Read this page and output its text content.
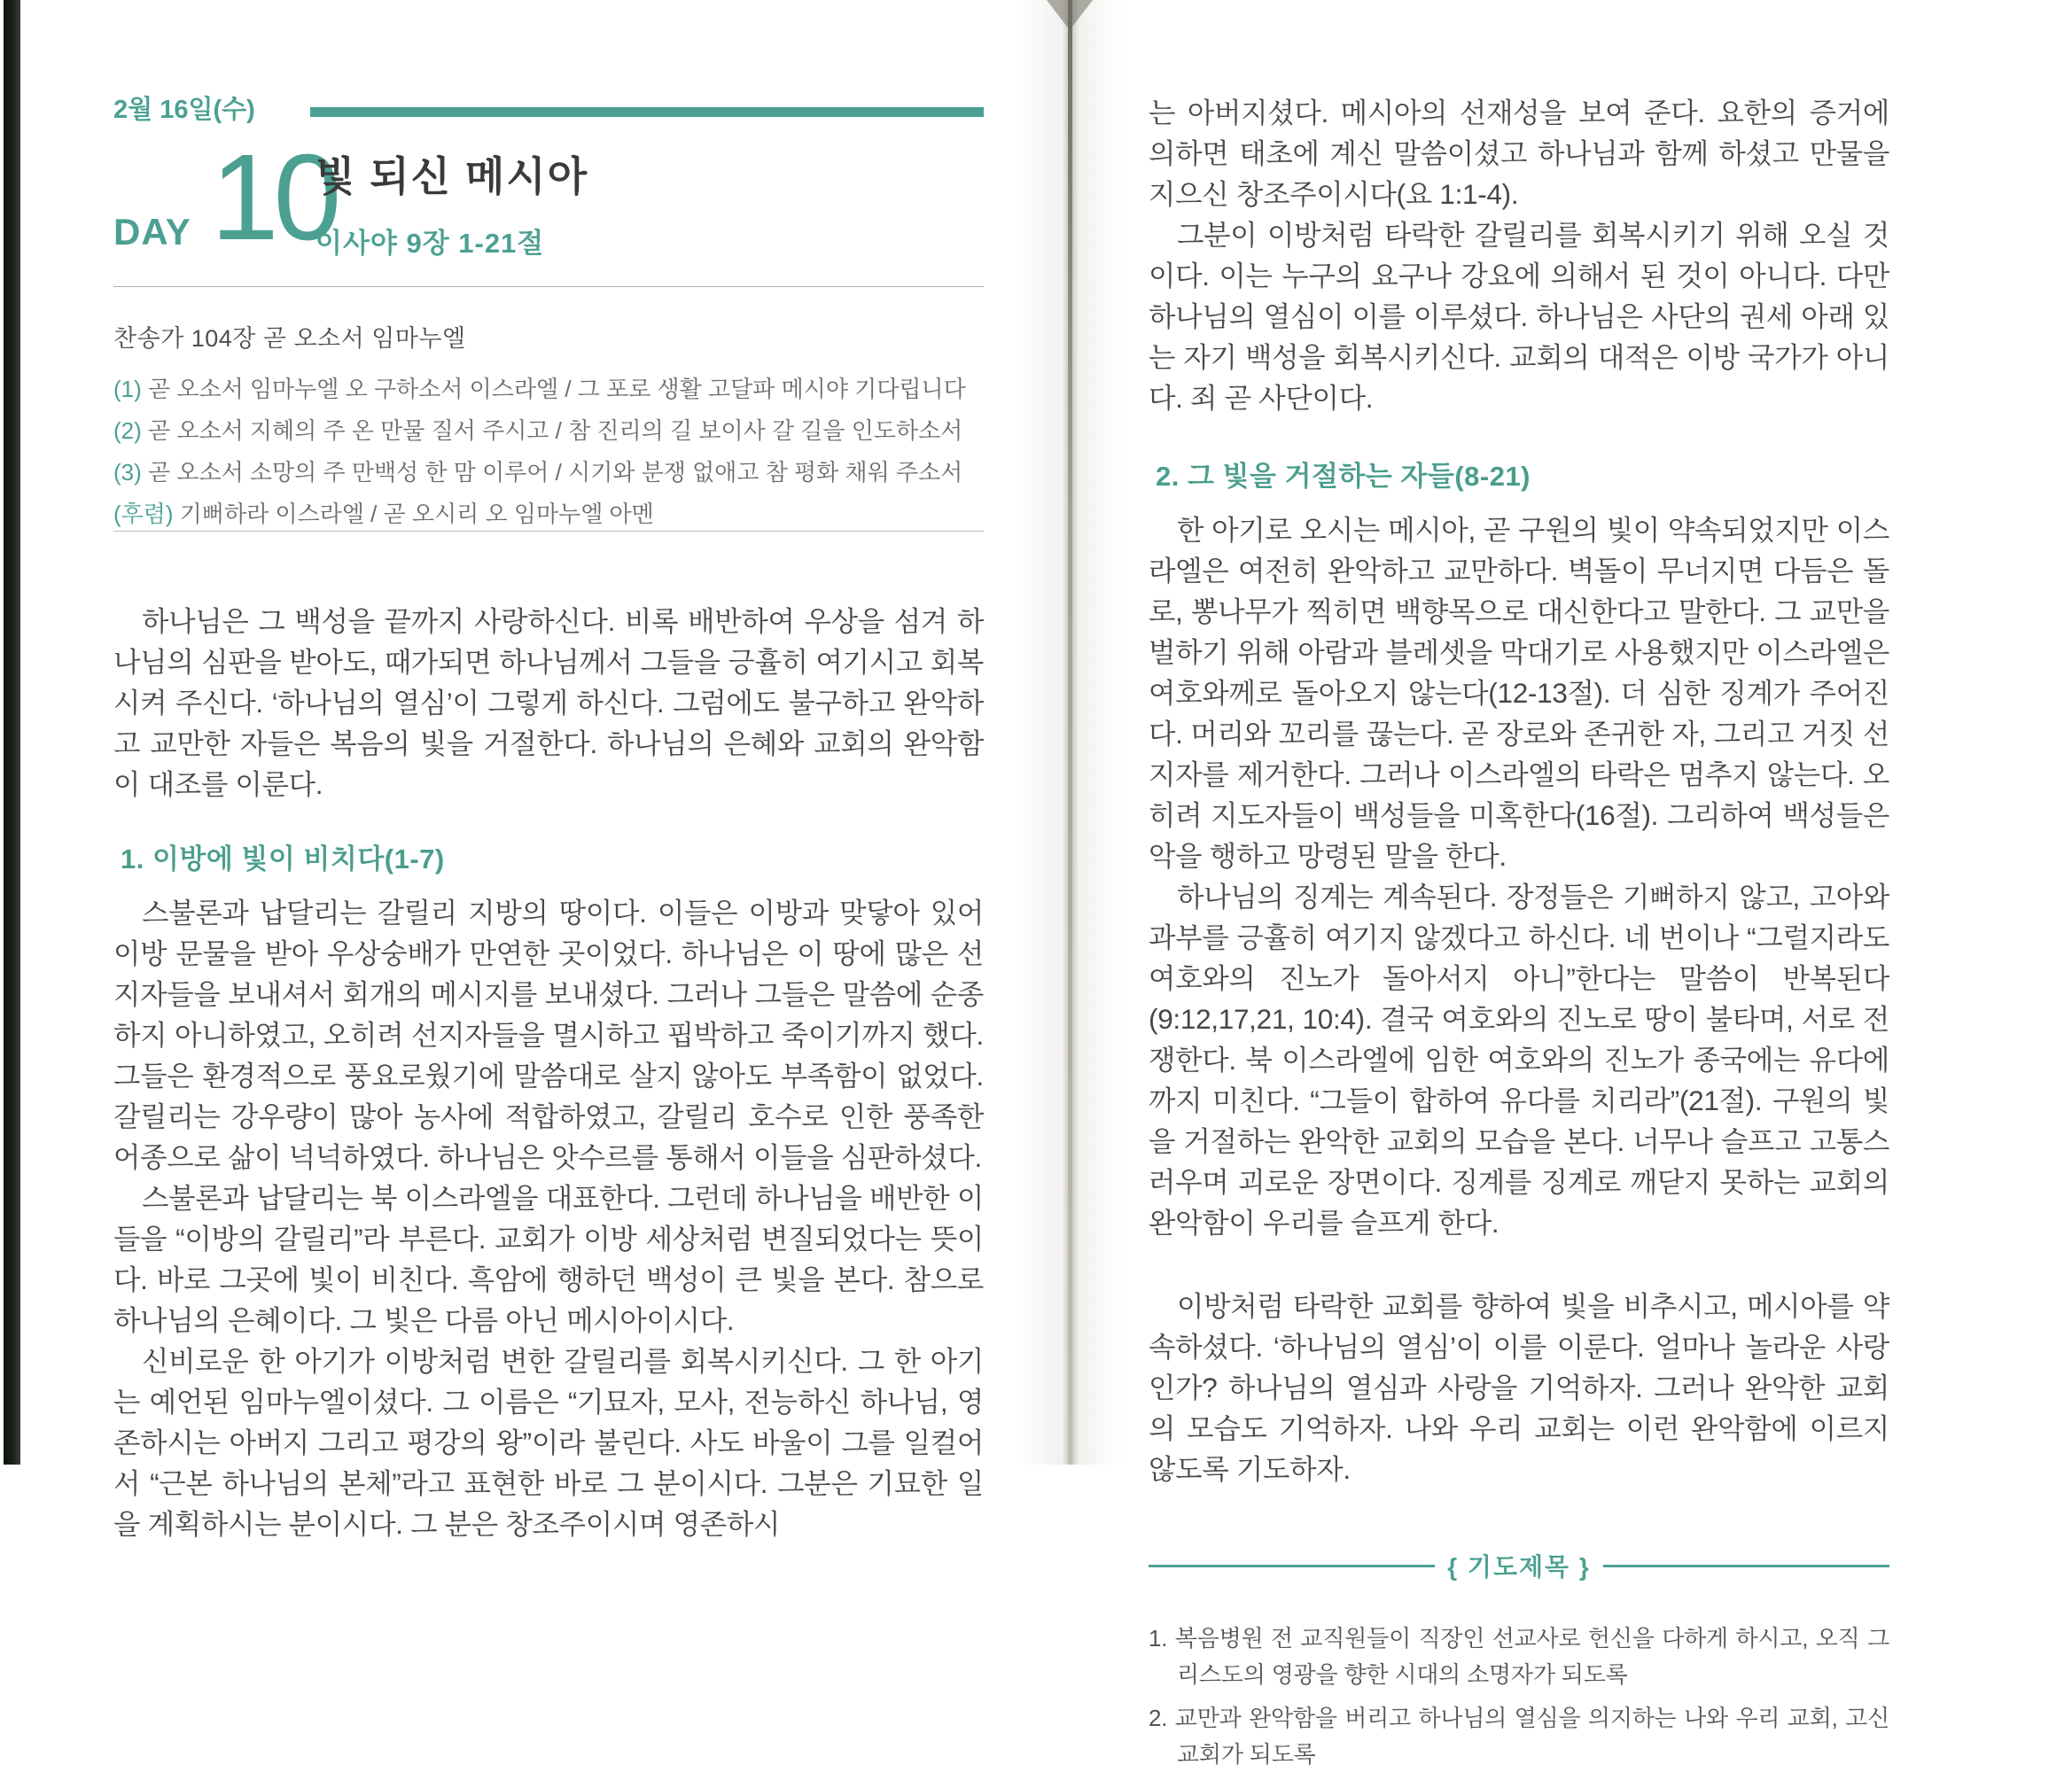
2월 16일(수)
DAY 10
빛 되신 메시아
이사야 9장 1-21절
찬송가 104장 곧 오소서 임마누엘
(1) 곧 오소서 임마누엘 오 구하소서 이스라엘 / 그 포로 생활 고달파 메시야 기다립니다
(2) 곧 오소서 지혜의 주 온 만물 질서 주시고 / 참 진리의 길 보이사 갈 길을 인도하소서
(3) 곧 오소서 소망의 주 만백성 한 맘 이루어 / 시기와 분쟁 없애고 참 평화 채워 주소서
(후렴) 기뻐하라 이스라엘 / 곧 오시리 오 임마누엘 아멘

하나님은 그 백성을 끝까지 사랑하신다. 비록 배반하여 우상을 섬겨 하나님의 심판을 받아도, 때가되면 하나님께서 그들을 긍휼히 여기시고 회복시켜 주신다. ‘하나님의 열심’이 그렇게 하신다. 그럼에도 불구하고 완악하고 교만한 자들은 복음의 빛을 거절한다. 하나님의 은혜와 교회의 완악함이 대조를 이룬다.

1. 이방에 빛이 비치다(1-7)

스불론과 납달리는 갈릴리 지방의 땅이다. 이들은 이방과 맞닿아 있어 이방 문물을 받아 우상숭배가 만연한 곳이었다. 하나님은 이 땅에 많은 선지자들을 보내셔서 회개의 메시지를 보내셨다. 그러나 그들은 말씀에 순종하지 아니하였고, 오히려 선지자들을 멸시하고 핍박하고 죽이기까지 했다. 그들은 환경적으로 풍요로웠기에 말씀대로 살지 않아도 부족함이 없었다. 갈릴리는 강우량이 많아 농사에 적합하였고, 갈릴리 호수로 인한 풍족한 어종으로 삶이 넉넉하였다. 하나님은 앗수르를 통해서 이들을 심판하셨다.

스불론과 납달리는 북 이스라엘을 대표한다. 그런데 하나님을 배반한 이들을 “이방의 갈릴리”라 부른다. 교회가 이방 세상처럼 변질되었다는 뜻이다. 바로 그곳에 빛이 비친다. 흑암에 행하던 백성이 큰 빛을 본다. 참으로 하나님의 은혜이다. 그 빛은 다름 아닌 메시아이시다.

신비로운 한 아기가 이방처럼 변한 갈릴리를 회복시키신다. 그 한 아기는 예언된 임마누엘이셨다. 그 이름은 “기묘자, 모사, 전능하신 하나님, 영존하시는 아버지 그리고 평강의 왕”이라 불린다. 사도 바울이 그를 일컬어서 “근본 하나님의 본체”라고 표현한 바로 그 분이시다. 그분은 기묘한 일을 계획하시는 분이시다. 그 분은 창조주이시며 영존하시

는 아버지셨다. 메시아의 선재성을 보여 준다. 요한의 증거에 의하면 태초에 계신 말씀이셨고 하나님과 함께 하셨고 만물을 지으신 창조주이시다(요 1:1-4).

그분이 이방처럼 타락한 갈릴리를 회복시키기 위해 오실 것이다. 이는 누구의 요구나 강요에 의해서 된 것이 아니다. 다만 하나님의 열심이 이를 이루셨다. 하나님은 사단의 권세 아래 있는 자기 백성을 회복시키신다. 교회의 대적은 이방 국가가 아니다. 죄 곧 사단이다.

2. 그 빛을 거절하는 자들(8-21)

한 아기로 오시는 메시아, 곧 구원의 빛이 약속되었지만 이스라엘은 여전히 완악하고 교만하다. 벽돌이 무너지면 다듬은 돌로, 뽕나무가 찍히면 백향목으로 대신한다고 말한다. 그 교만을 벌하기 위해 아람과 블레셋을 막대기로 사용했지만 이스라엘은 여호와께로 돌아오지 않는다(12-13절). 더 심한 징계가 주어진다. 머리와 꼬리를 끊는다. 곧 장로와 존귀한 자, 그리고 거짓 선지자를 제거한다. 그러나 이스라엘의 타락은 멈추지 않는다. 오히려 지도자들이 백성들을 미혹한다(16절). 그리하여 백성들은 악을 행하고 망령된 말을 한다.

하나님의 징계는 계속된다. 장정들은 기뻐하지 않고, 고아와 과부를 긍휼히 여기지 않겠다고 하신다. 네 번이나 “그럴지라도 여호와의 진노가 돌아서지 아니”한다는 말씀이 반복된다(9:12,17,21, 10:4). 결국 여호와의 진노로 땅이 불타며, 서로 전쟁한다. 북 이스라엘에 임한 여호와의 진노가 종국에는 유다에까지 미친다. “그들이 합하여 유다를 치리라”(21절). 구원의 빛을 거절하는 완악한 교회의 모습을 본다. 너무나 슬프고 고통스러우며 괴로운 장면이다. 징계를 징계로 깨닫지 못하는 교회의 완악함이 우리를 슬프게 한다.

이방처럼 타락한 교회를 향하여 빛을 비추시고, 메시아를 약속하셨다. ‘하나님의 열심’이 이를 이룬다. 얼마나 놀라운 사랑인가? 하나님의 열심과 사랑을 기억하자. 그러나 완악한 교회의 모습도 기억하자. 나와 우리 교회는 이런 완악함에 이르지 않도록 기도하자.

{ 기도제목 }
1. 복음병원 전 교직원들이 직장인 선교사로 헌신을 다하게 하시고, 오직 그리스도의 영광을 향한 시대의 소명자가 되도록
2. 교만과 완악함을 버리고 하나님의 열심을 의지하는 나와 우리 교회, 고신교회가 되도록
